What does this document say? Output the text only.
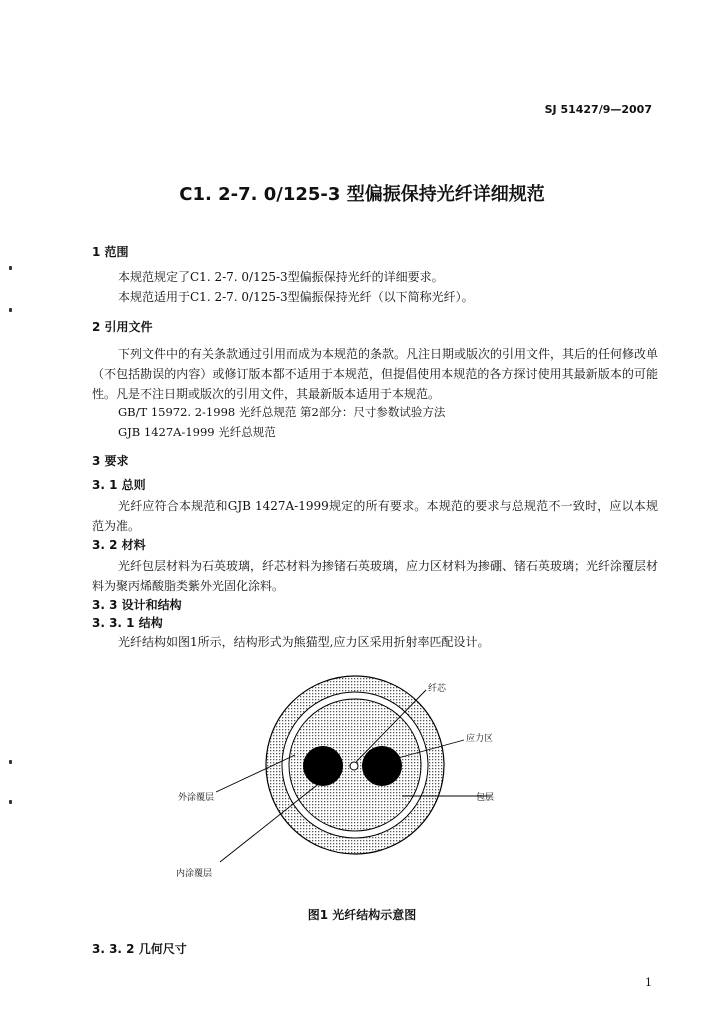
SJ 51427/9—2007
C1. 2-7. 0/125-3 型偏振保持光纤详细规范
1 范围
本规范规定了C1. 2-7. 0/125-3型偏振保持光纤的详细要求。
本规范适用于C1. 2-7. 0/125-3型偏振保持光纤（以下简称光纤）。
2 引用文件
下列文件中的有关条款通过引用而成为本规范的条款。凡注日期或版次的引用文件，其后的任何修改单（不包括勘误的内容）或修订版本都不适用于本规范，但提倡使用本规范的各方探讨使用其最新版本的可能性。凡是不注日期或版次的引用文件，其最新版本适用于本规范。
GB/T 15972. 2-1998 光纤总规范 第2部分：尺寸参数试验方法
GJB 1427A-1999 光纤总规范
3 要求
3. 1 总则
光纤应符合本规范和GJB 1427A-1999规定的所有要求。本规范的要求与总规范不一致时，应以本规范为准。
3. 2 材料
光纤包层材料为石英玻璃，纤芯材料为掺锗石英玻璃，应力区材料为掺硼、锗石英玻璃；光纤涂覆层材料为聚丙烯酸脂类紫外光固化涂料。
3. 3 设计和结构
3. 3. 1 结构
光纤结构如图1所示，结构形式为熊猫型,应力区采用折射率匹配设计。
纤芯
应力区
外涂覆层	包层
内涂覆层
图1 光纤结构示意图
3. 3. 2 几何尺寸
1
